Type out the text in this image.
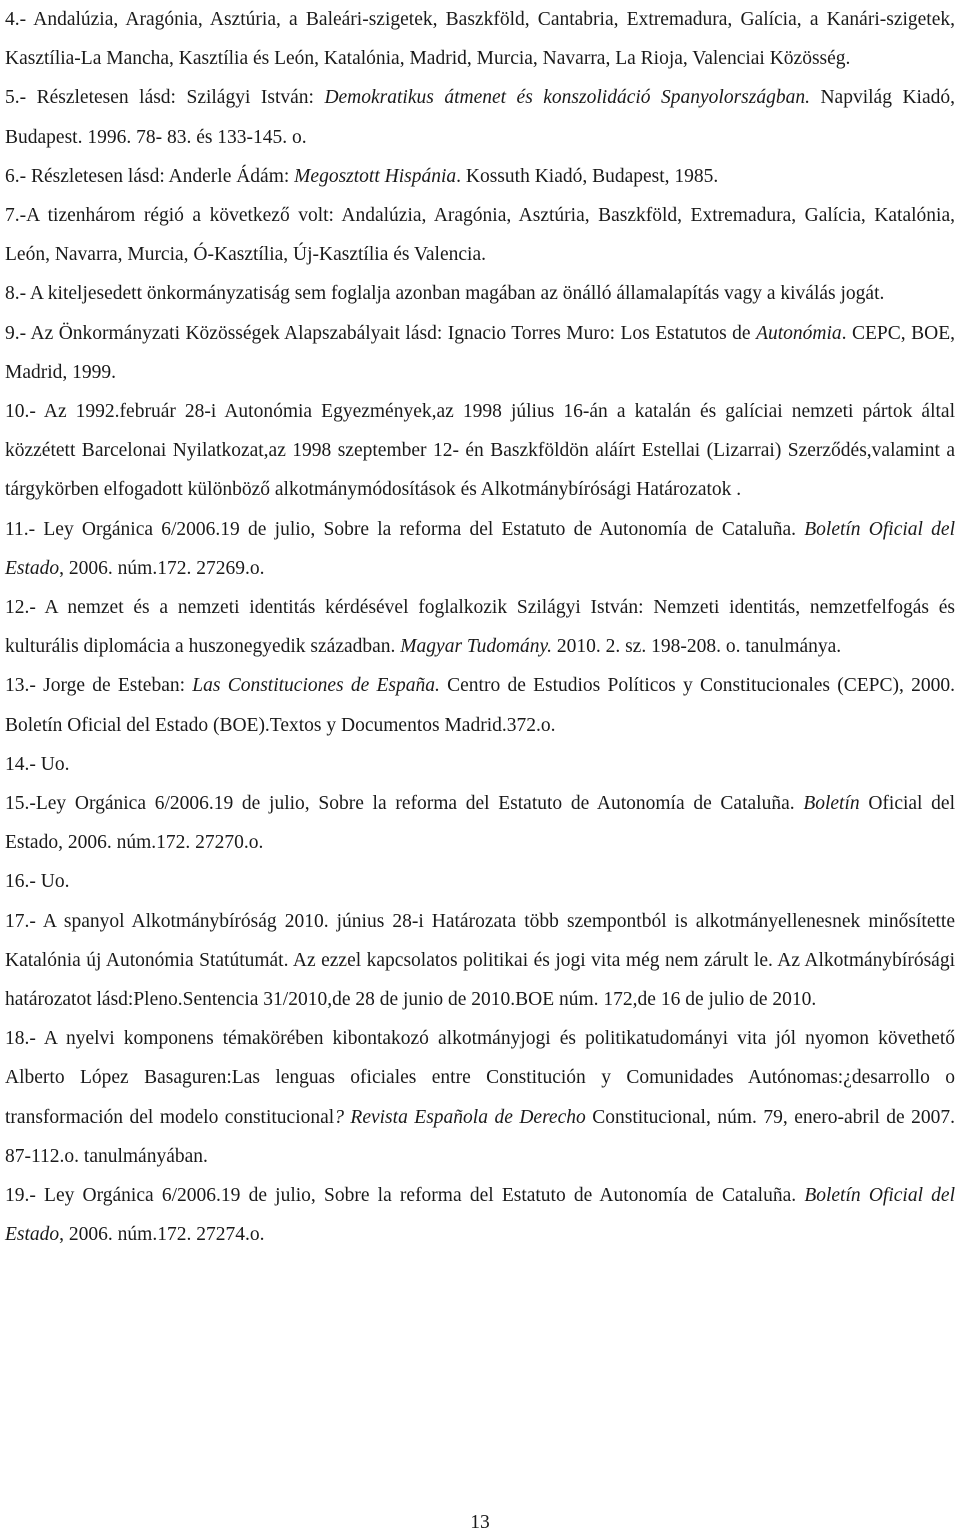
4.- Andalúzia, Aragónia, Asztúria, a Baleári-szigetek, Baszkföld, Cantabria, Extremadura, Galícia, a Kanári-szigetek, Kasztília-La Mancha, Kasztília és León, Katalónia, Madrid, Murcia, Navarra, La Rioja, Valenciai Közösség.

5.- Részletesen lásd: Szilágyi István: Demokratikus átmenet és konszolidáció Spanyolországban. Napvilág Kiadó, Budapest. 1996. 78- 83. és 133-145. o.

6.- Részletesen lásd: Anderle Ádám: Megosztott Hispánia. Kossuth Kiadó, Budapest, 1985.

7.-A tizenhárom régió a következő volt: Andalúzia, Aragónia, Asztúria, Baszkföld, Extremadura, Galícia, Katalónia, León, Navarra, Murcia, Ó-Kasztília, Új-Kasztília és Valencia.

8.- A kiteljesedett önkormányzatiság sem foglalja azonban magában az önálló államalapítás vagy a kiválás jogát.

9.- Az Önkormányzati Közösségek Alapszabályait lásd: Ignacio Torres Muro: Los Estatutos de Autonómia. CEPC, BOE, Madrid, 1999.

10.- Az 1992.február 28-i Autonómia Egyezmények,az 1998 július 16-án a katalán és galíciai nemzeti pártok által közzétett Barcelonai Nyilatkozat,az 1998 szeptember 12- én Baszkföldön aláírt Estellai (Lizarrai) Szerződés,valamint a tárgykörben elfogadott különböző alkotmánymódosítások és Alkotmánybírósági Határozatok .

11.- Ley Orgánica 6/2006.19 de julio, Sobre la reforma del Estatuto de Autonomía de Cataluña. Boletín Oficial del Estado, 2006. núm.172. 27269.o.

12.- A nemzet és a nemzeti identitás kérdésével foglalkozik Szilágyi István: Nemzeti identitás, nemzetfelfogás és kulturális diplomácia a huszonegyedik században. Magyar Tudomány. 2010. 2. sz. 198-208. o. tanulmánya.

13.- Jorge de Esteban: Las Constituciones de España. Centro de Estudios Políticos y Constitucionales (CEPC), 2000. Boletín Oficial del Estado (BOE).Textos y Documentos Madrid.372.o.

14.- Uo.

15.-Ley Orgánica 6/2006.19 de julio, Sobre la reforma del Estatuto de Autonomía de Cataluña. Boletín Oficial del Estado, 2006. núm.172. 27270.o.

16.- Uo.

17.- A spanyol Alkotmánybíróság 2010. június 28-i Határozata több szempontból is alkotmányellenesnek minősítette Katalónia új Autonómia Statútumát. Az ezzel kapcsolatos politikai és jogi vita még nem zárult le. Az Alkotmánybírósági határozatot lásd:Pleno.Sentencia 31/2010,de 28 de junio de 2010.BOE núm. 172,de 16 de julio de 2010.

18.- A nyelvi komponens témakörében kibontakozó alkotmányjogi és politikatudományi vita jól nyomon követhető Alberto López Basaguren:Las lenguas oficiales entre Constitución y Comunidades Autónomas:¿desarrollo o transformación del modelo constitucional? Revista Española de Derecho Constitucional, núm. 79, enero-abril de 2007. 87-112.o. tanulmányában.

19.- Ley Orgánica 6/2006.19 de julio, Sobre la reforma del Estatuto de Autonomía de Cataluña. Boletín Oficial del Estado, 2006. núm.172. 27274.o.

13
